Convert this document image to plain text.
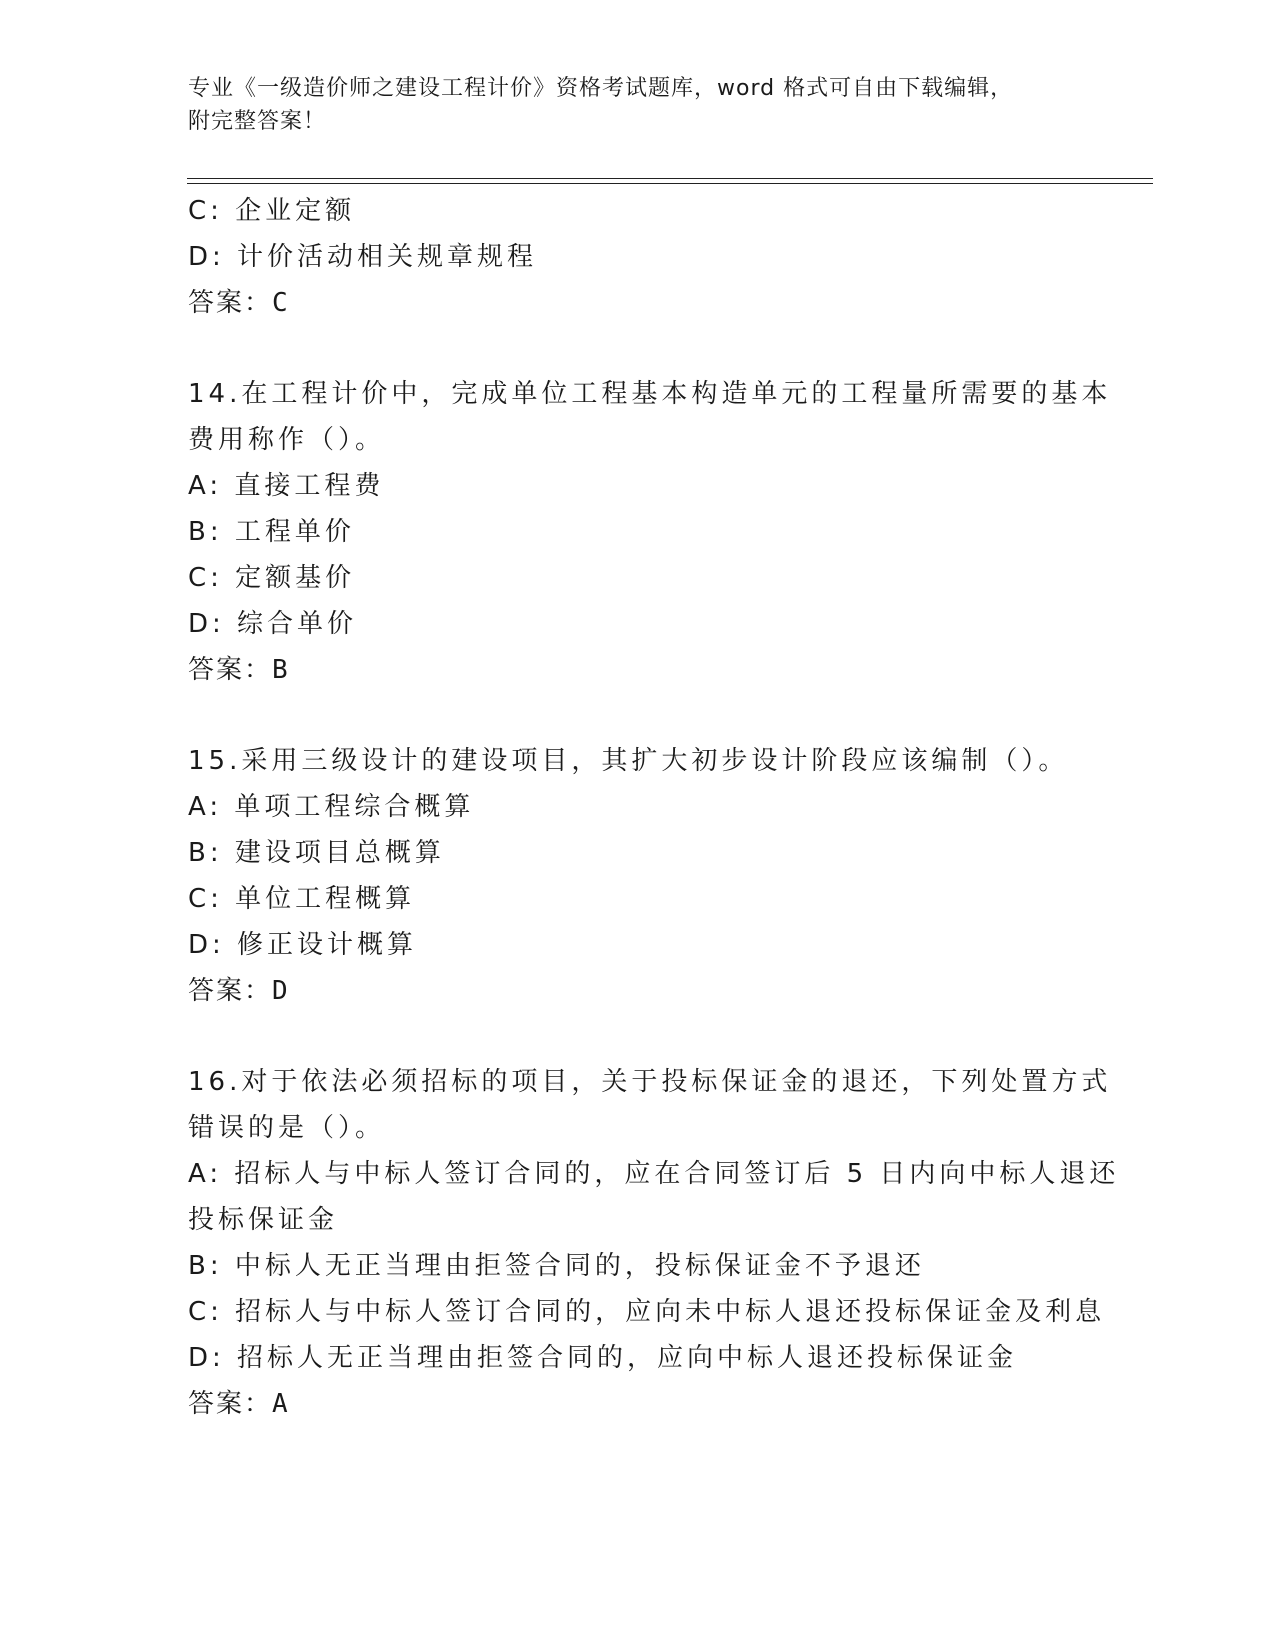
专业《一级造价师之建设工程计价》资格考试题库，word 格式可自由下载编辑，
附完整答案！
C: 企业定额
D: 计价活动相关规章规程
答案：C
14.在工程计价中，完成单位工程基本构造单元的工程量所需要的基本
费用称作（）。
A: 直接工程费
B: 工程单价
C: 定额基价
D: 综合单价
答案：B
15.采用三级设计的建设项目，其扩大初步设计阶段应该编制（）。
A: 单项工程综合概算
B: 建设项目总概算
C: 单位工程概算
D: 修正设计概算
答案：D
16.对于依法必须招标的项目，关于投标保证金的退还，下列处置方式
错误的是（）。
A: 招标人与中标人签订合同的，应在合同签订后 5 日内向中标人退还
投标保证金
B: 中标人无正当理由拒签合同的，投标保证金不予退还
C: 招标人与中标人签订合同的，应向未中标人退还投标保证金及利息
D: 招标人无正当理由拒签合同的，应向中标人退还投标保证金
答案：A
